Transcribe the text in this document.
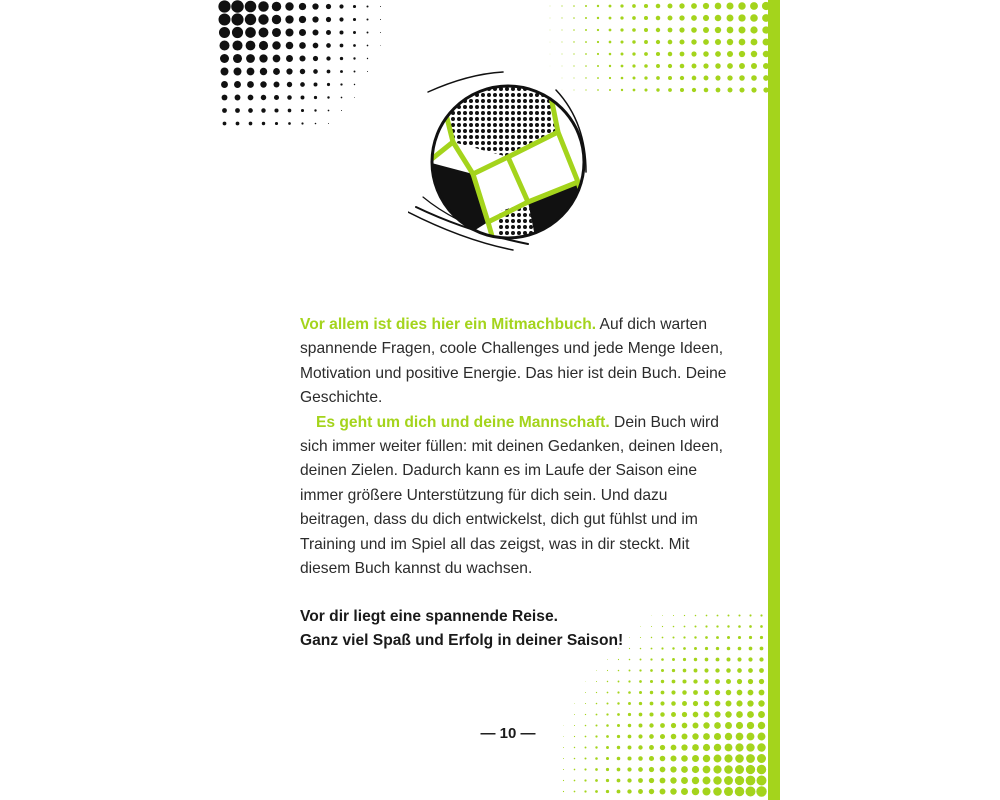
Vor allem ist dies hier ein Mitmachbuch. Auf dich warten spannende Fragen, coole Challenges und jede Menge Ideen, Motivation und positive Energie. Das hier ist dein Buch. Deine Geschichte.

Es geht um dich und deine Mannschaft. Dein Buch wird sich immer weiter füllen: mit deinen Gedanken, deinen Ideen, deinen Zielen. Dadurch kann es im Laufe der Saison eine immer größere Unterstützung für dich sein. Und dazu beitragen, dass du dich entwickelst, dich gut fühlst und im Training und im Spiel all das zeigst, was in dir steckt. Mit diesem Buch kannst du wachsen.

Vor dir liegt eine spannende Reise.
Ganz viel Spaß und Erfolg in deiner Saison!
— 10 —
